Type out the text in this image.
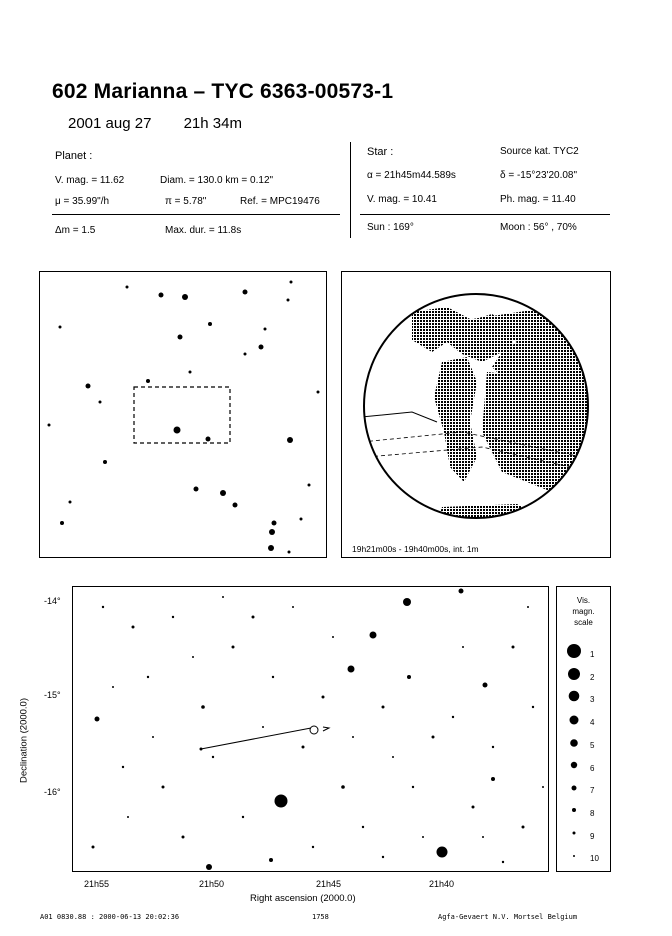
602 Marianna – TYC 6363-00573-1
2001 aug 27 21h 34m
Planet :
V. mag. = 11.62	Diam. = 130.0 km = 0.12"
μ = 35.99"/h	π = 5.78"	Ref. = MPC19476
Δm = 1.5	Max. dur. = 11.8s
Star :	Source kat. TYC2
α = 21h45m44.589s	δ = -15°23'20.08"
V. mag. = 10.41	Ph. mag. = 11.40
Sun : 169°	Moon : 56° , 70%
19h21m00s - 19h40m00s, int. 1m
Declination (2000.0)
-14°
-15°
-16°
21h55	21h50	21h45	21h40
Right ascension (2000.0)
Vis.
magn.
scale
1
2
3
4
5
6
7
8
9
10
A01 0830.88 : 2000-06-13 20:02:36	1758	Agfa-Gevaert N.V. Mortsel Belgium
